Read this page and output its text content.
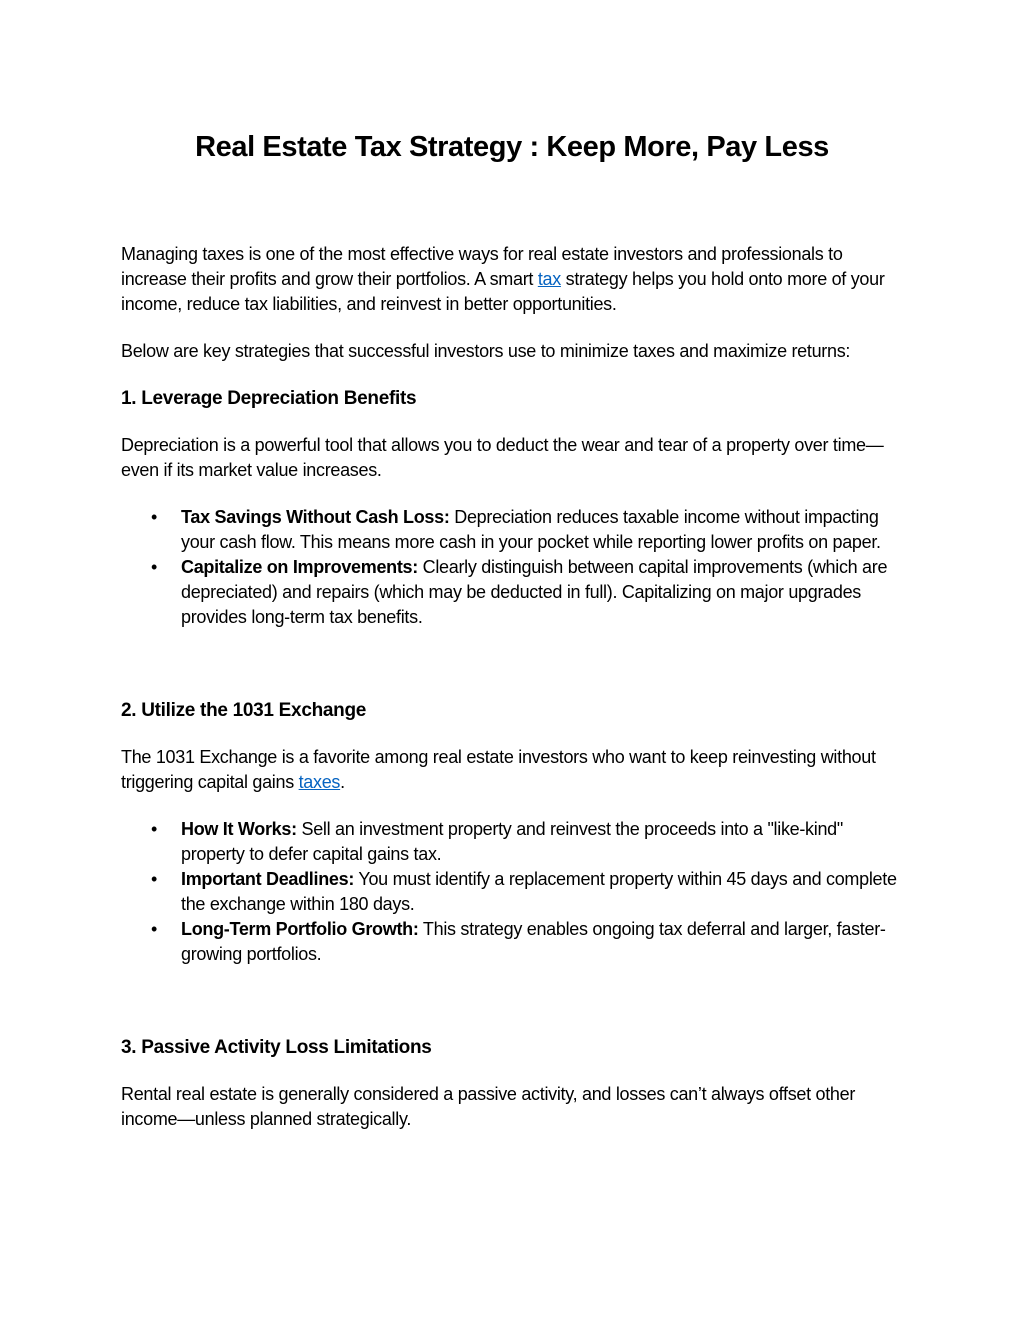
Real Estate Tax Strategy : Keep More, Pay Less

Managing taxes is one of the most effective ways for real estate investors and professionals to increase their profits and grow their portfolios. A smart tax strategy helps you hold onto more of your income, reduce tax liabilities, and reinvest in better opportunities.

Below are key strategies that successful investors use to minimize taxes and maximize returns:

1. Leverage Depreciation Benefits

Depreciation is a powerful tool that allows you to deduct the wear and tear of a property over time—even if its market value increases.

• Tax Savings Without Cash Loss: Depreciation reduces taxable income without impacting your cash flow. This means more cash in your pocket while reporting lower profits on paper.
• Capitalize on Improvements: Clearly distinguish between capital improvements (which are depreciated) and repairs (which may be deducted in full). Capitalizing on major upgrades provides long-term tax benefits.
2. Utilize the 1031 Exchange

The 1031 Exchange is a favorite among real estate investors who want to keep reinvesting without triggering capital gains taxes.

• How It Works: Sell an investment property and reinvest the proceeds into a "like-kind" property to defer capital gains tax.
• Important Deadlines: You must identify a replacement property within 45 days and complete the exchange within 180 days.
• Long-Term Portfolio Growth: This strategy enables ongoing tax deferral and larger, faster-growing portfolios.
3. Passive Activity Loss Limitations

Rental real estate is generally considered a passive activity, and losses can’t always offset other income—unless planned strategically.
